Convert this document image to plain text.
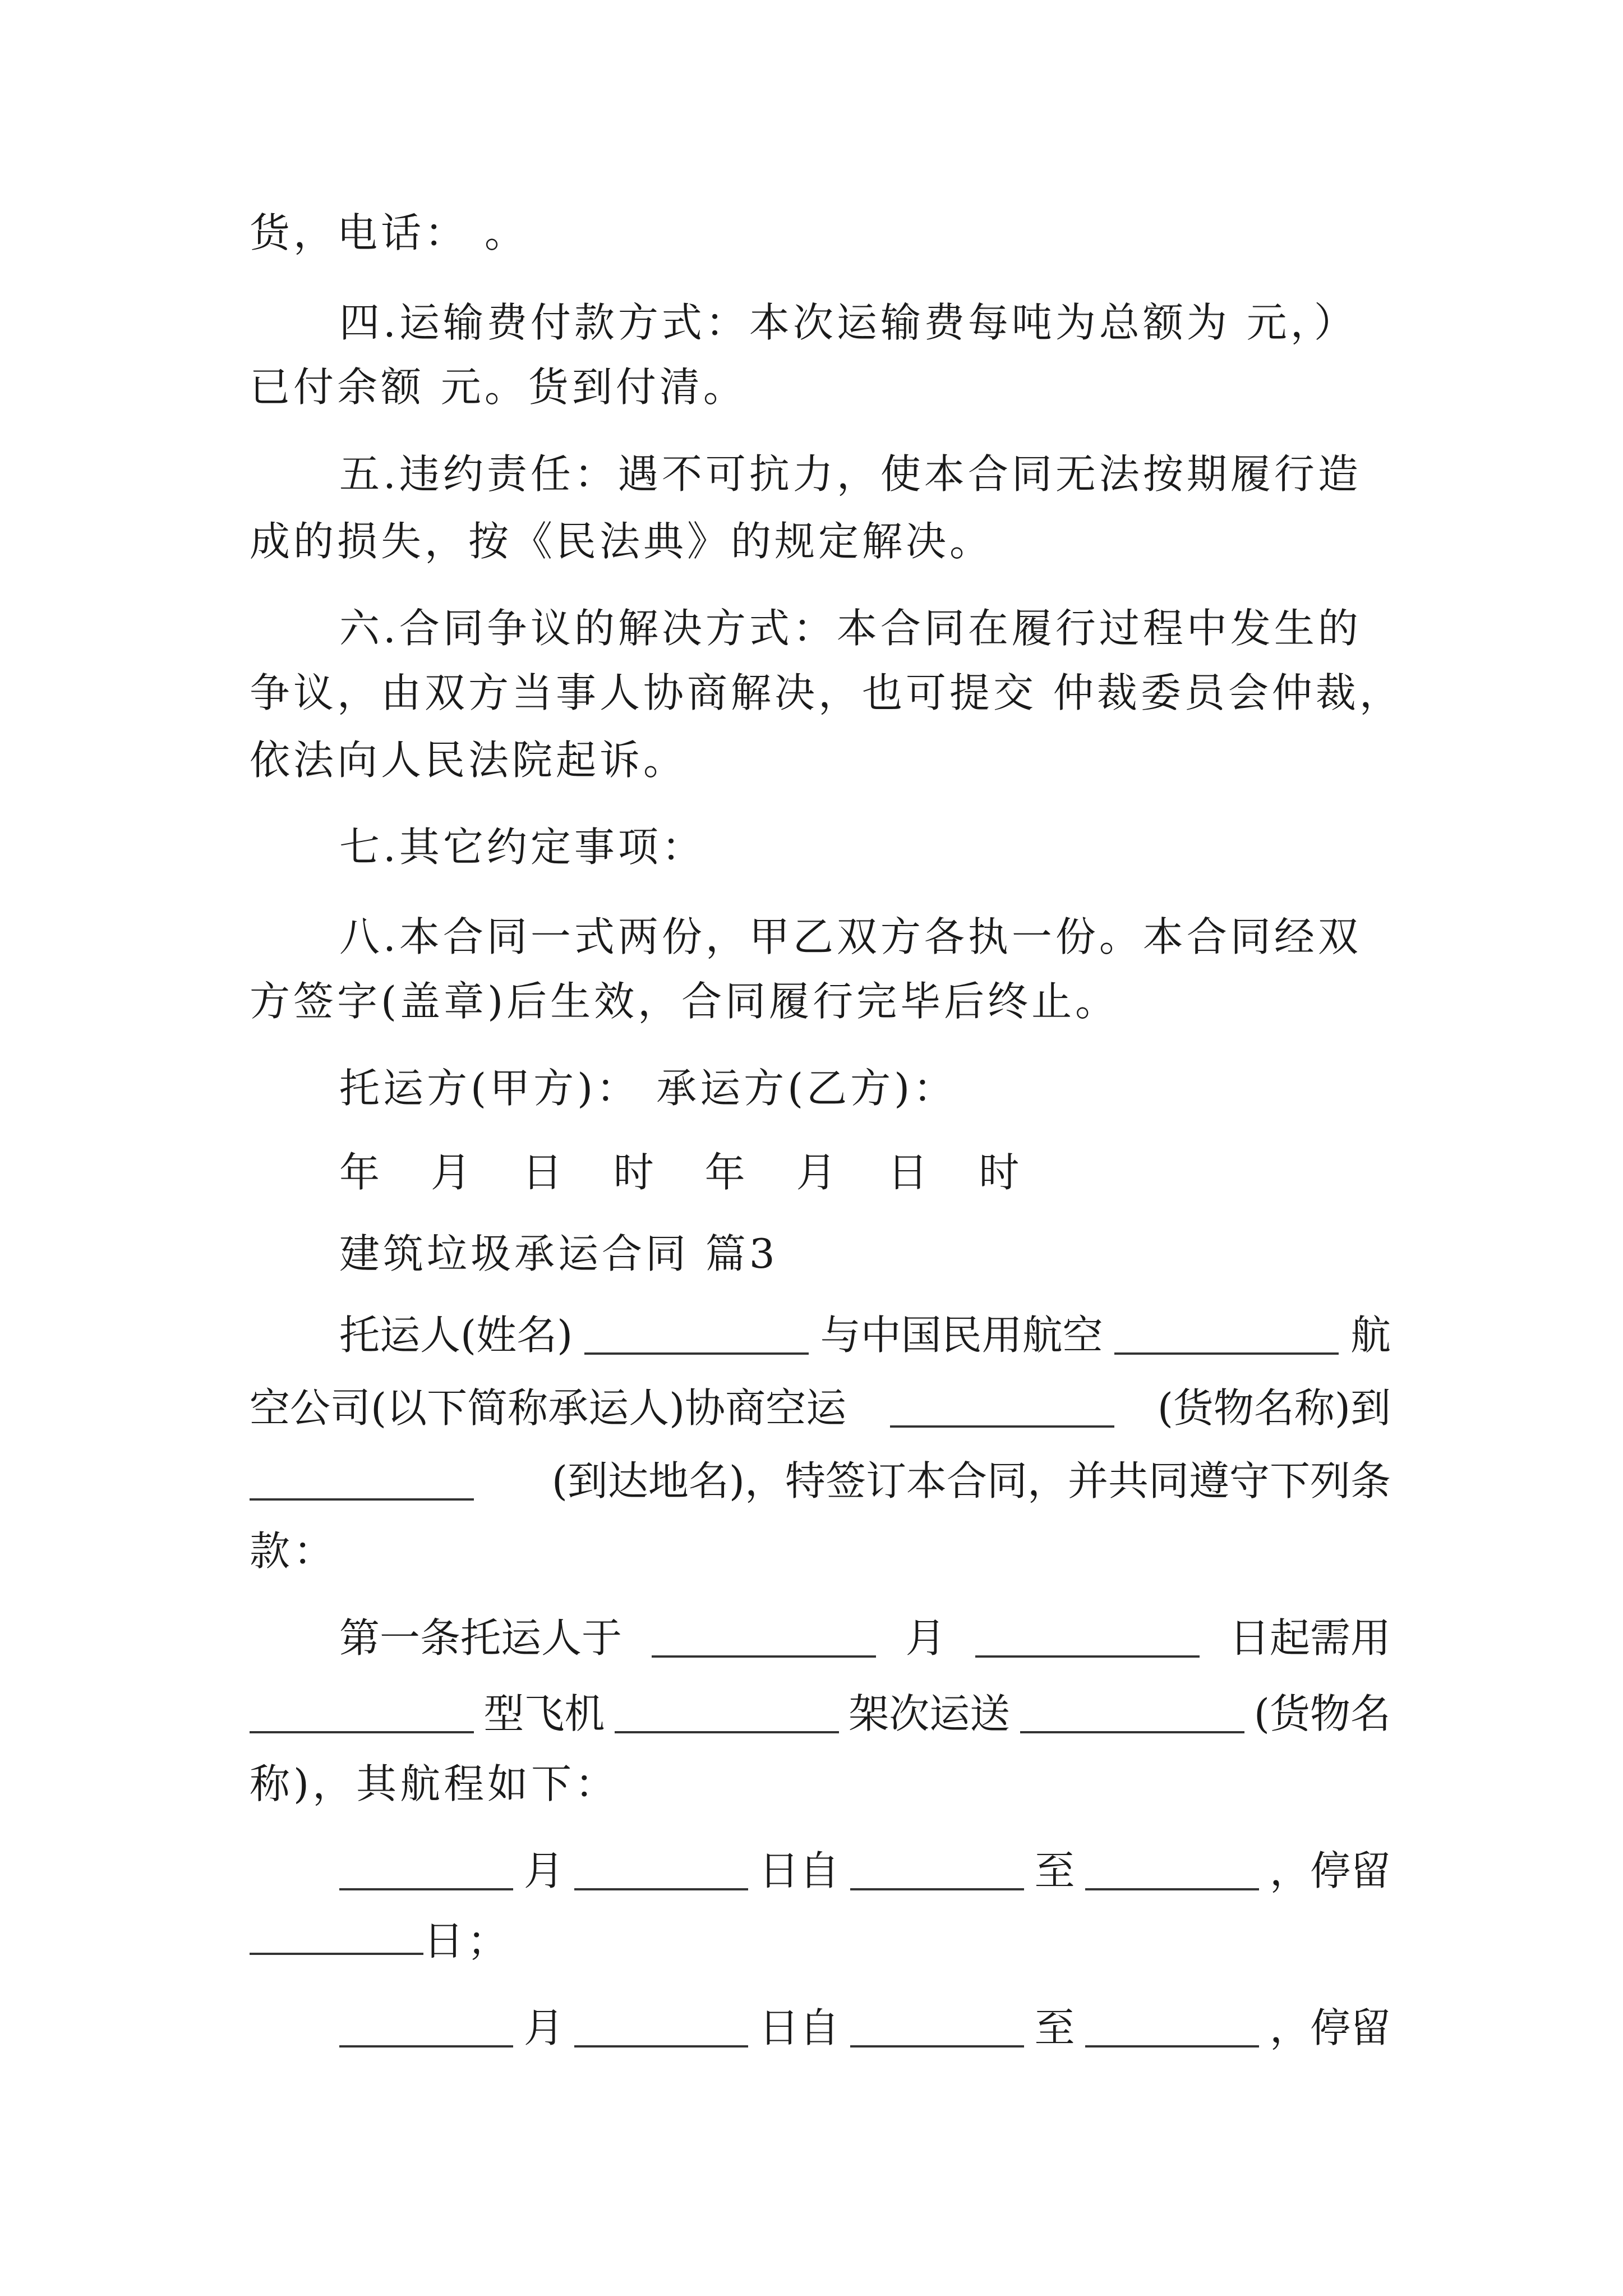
货，电话： 。
四.运输费付款方式：本次运输费每吨为总额为 元，）
已付余额 元。货到付清。
五.违约责任：遇不可抗力，使本合同无法按期履行造
成的损失，按《民法典》的规定解决。
六.合同争议的解决方式：本合同在履行过程中发生的
争议，由双方当事人协商解决，也可提交 仲裁委员会仲裁，
依法向人民法院起诉。
七.其它约定事项：
八.本合同一式两份，甲乙双方各执一份。本合同经双
方签字(盖章)后生效，合同履行完毕后终止。
托运方(甲方)： 承运方(乙方)：
年 月 日 时 年 月 日 时
建筑垃圾承运合同 篇3
托运人(姓名)	与中国民用航空	航
空公司(以下简称承运人)协商空运	(货物名称)到
(到达地名)，特签订本合同，并共同遵守下列条
款：
第一条托运人于	月	日起需用
型飞机	架次运送	(货物名
称)，其航程如下：
月	日自	至	，停留
日；
月	日自	至	，停留
